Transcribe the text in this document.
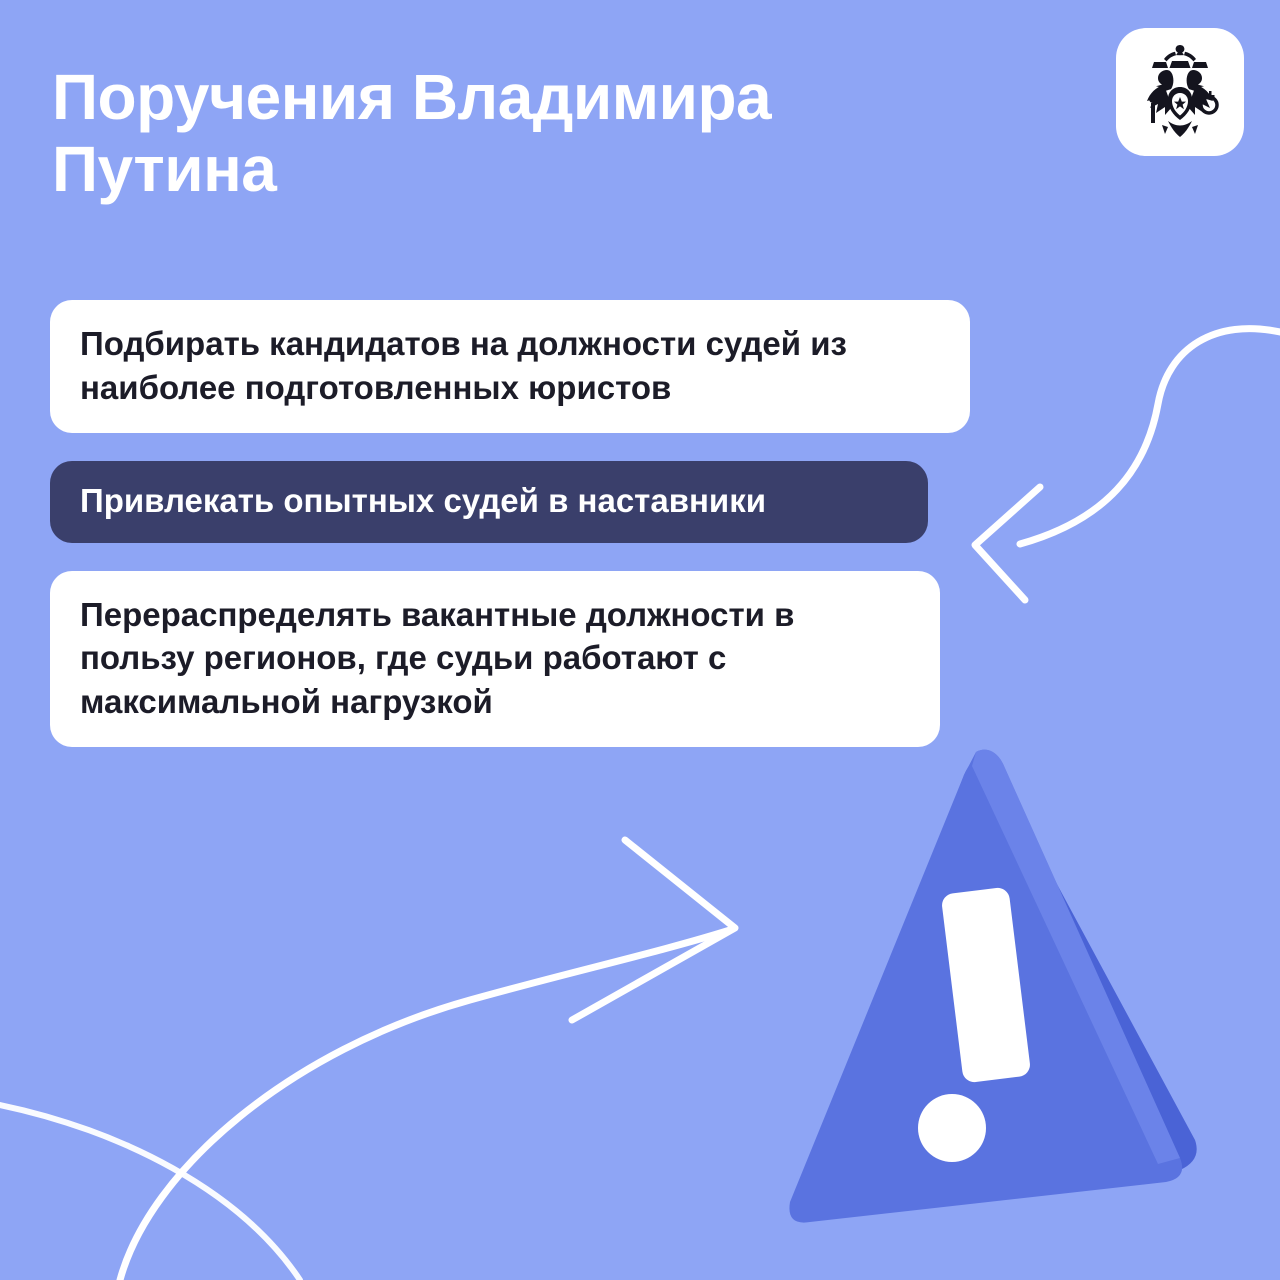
Поручения Владимира Путина
Подбирать кандидатов на должности судей из наиболее подготовленных юристов Привлекать опытных судей в наставники Перераспределять вакантные должности в пользу регионов, где судьи работают с максимальной нагрузкой
